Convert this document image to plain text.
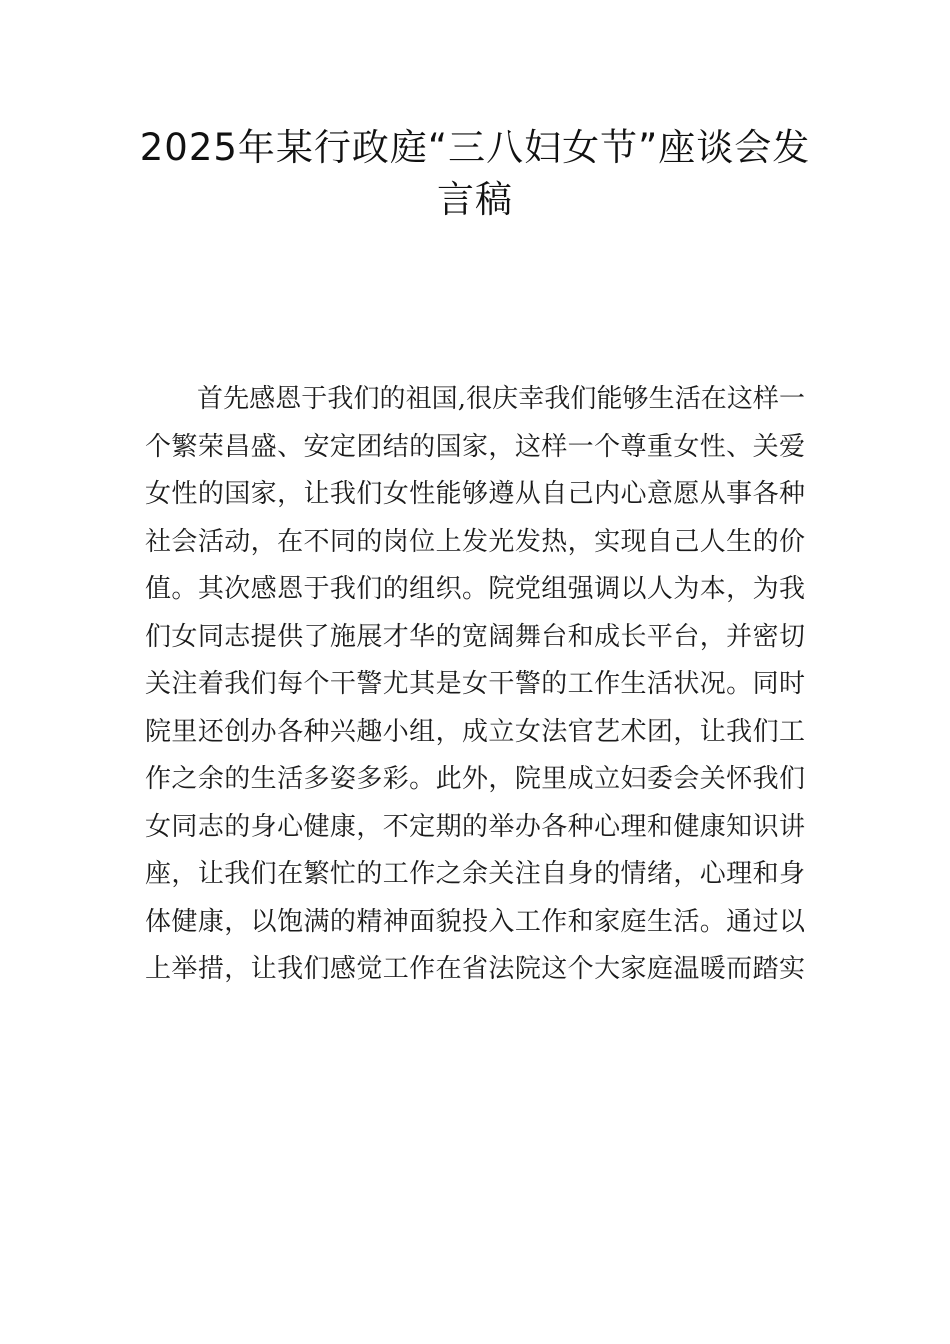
2025年某行政庭“三八妇女节”座谈会发
言稿
首先感恩于我们的祖国,很庆幸我们能够生活在这样一
个繁荣昌盛、安定团结的国家，这样一个尊重女性、关爱
女性的国家，让我们女性能够遵从自己内心意愿从事各种
社会活动，在不同的岗位上发光发热，实现自己人生的价
值。其次感恩于我们的组织。院党组强调以人为本，为我
们女同志提供了施展才华的宽阔舞台和成长平台，并密切
关注着我们每个干警尤其是女干警的工作生活状况。同时
院里还创办各种兴趣小组，成立女法官艺术团，让我们工
作之余的生活多姿多彩。此外，院里成立妇委会关怀我们
女同志的身心健康，不定期的举办各种心理和健康知识讲
座，让我们在繁忙的工作之余关注自身的情绪，心理和身
体健康，以饱满的精神面貌投入工作和家庭生活。通过以
上举措，让我们感觉工作在省法院这个大家庭温暖而踏实
